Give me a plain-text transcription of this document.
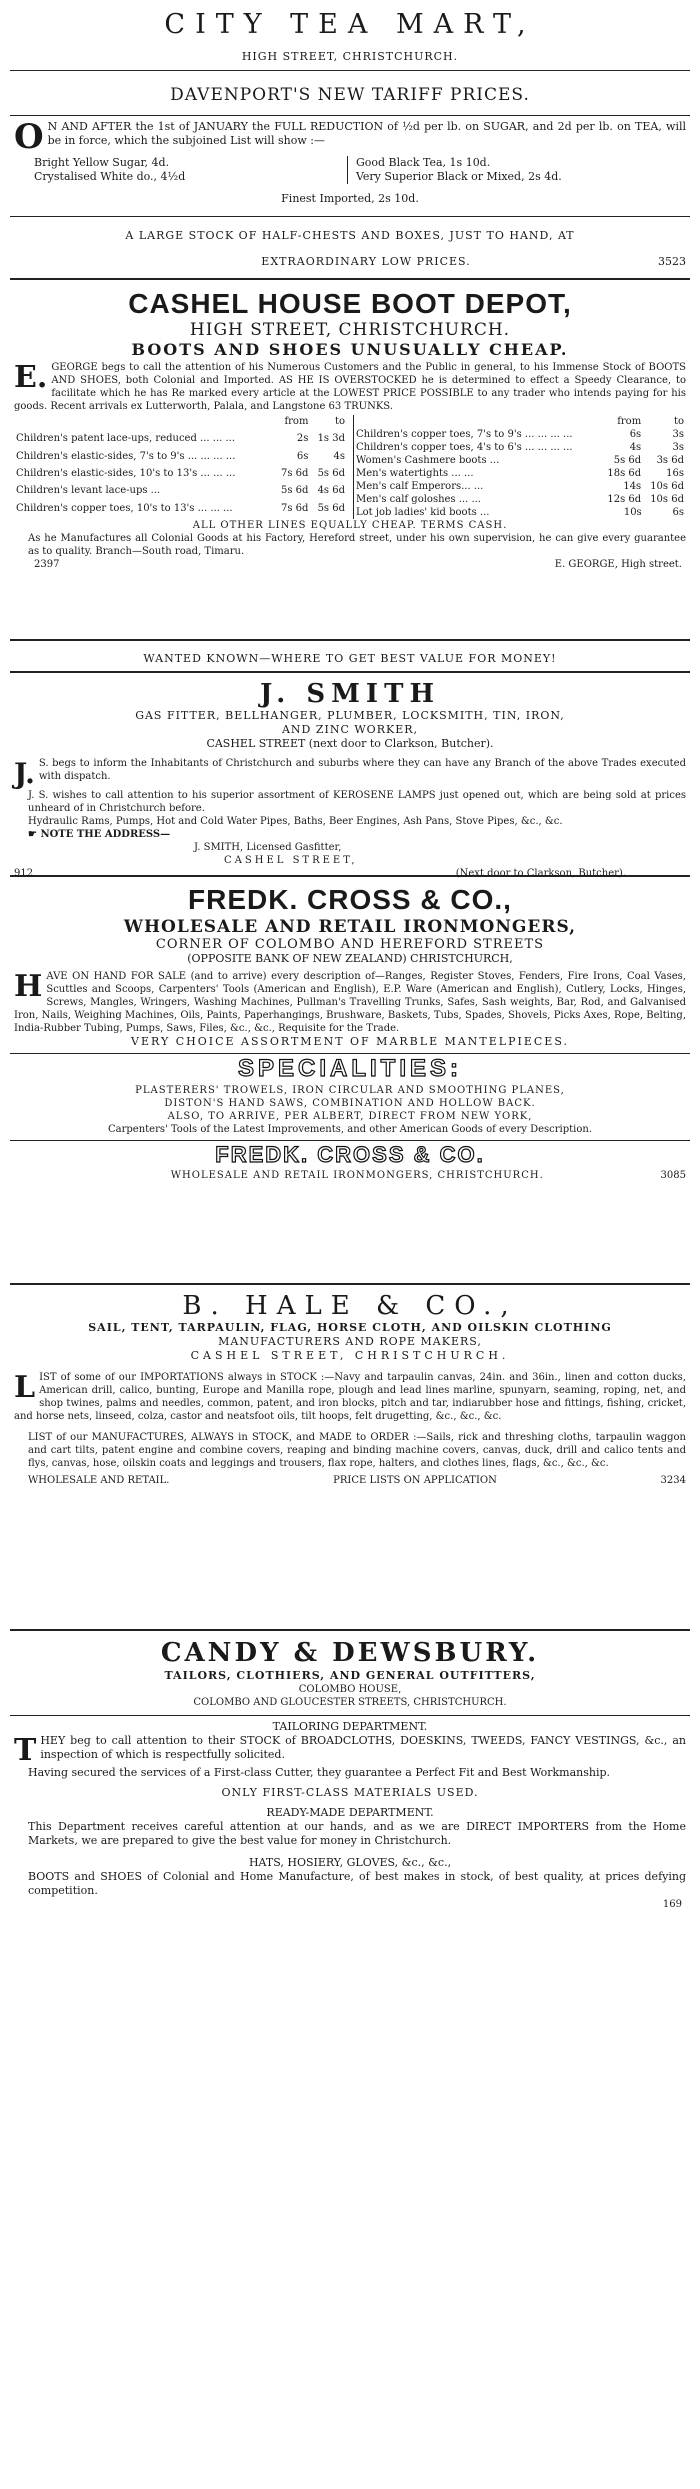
CITY TEA MART,
HIGH STREET, CHRISTCHURCH.
DAVENPORT'S NEW TARIFF PRICES.
O N AND AFTER the 1st of JANUARY the FULL REDUCTION of ½d per lb. on SUGAR, and 2d per lb. on TEA, will be in force, which the subjoined List will show :—
Bright Yellow Sugar, 4d.
Crystalised White do., 4½d
Good Black Tea, 1s 10d.
Very Superior Black or Mixed, 2s 4d.
Finest Imported, 2s 10d.
A LARGE STOCK OF HALF-CHESTS AND BOXES, JUST TO HAND, AT
EXTRAORDINARY LOW PRICES.	3523
CASHEL HOUSE BOOT DEPOT,
HIGH STREET, CHRISTCHURCH.
BOOTS AND SHOES UNUSUALLY CHEAP.
E. GEORGE begs to call the attention of his Numerous Customers and the Public in general, to his Immense Stock of BOOTS AND SHOES, both Colonial and Imported. AS HE IS OVERSTOCKED he is determined to effect a Speedy Clearance, to facilitate which he has Re marked every article at the LOWEST PRICE POSSIBLE to any trader who intends paying for his goods. Recent arrivals ex Lutterworth, Palala, and Langstone 63 TRUNKS.
	from	to
Children's patent lace-ups, reduced ... ... ...	2s	1s 3d
Children's elastic-sides, 7's to 9's ... ... ... ...	6s	4s
Children's elastic-sides, 10's to 13's ... ... ...	7s 6d	5s 6d
Children's levant lace-ups ...	5s 6d	4s 6d
Children's copper toes, 10's to 13's ... ... ...	7s 6d	5s 6d
	from	to
Children's copper toes, 7's to 9's ... ... ... ...	6s	3s
Children's copper toes, 4's to 6's ... ... ... ...	4s	3s
Women's Cashmere boots ...	5s 6d	3s 6d
Men's watertights ... ...	18s 6d	16s
Men's calf Emperors... ...	14s	10s 6d
Men's calf goloshes ... ...	12s 6d	10s 6d
Lot job ladies' kid boots ...	10s	6s
ALL OTHER LINES EQUALLY CHEAP. TERMS CASH.
As he Manufactures all Colonial Goods at his Factory, Hereford street, under his own supervision, he can give every guarantee as to quality. Branch—South road, Timaru.
2397	E. GEORGE, High street.
WANTED KNOWN—WHERE TO GET BEST VALUE FOR MONEY!
J. SMITH
GAS FITTER, BELLHANGER, PLUMBER, LOCKSMITH, TIN, IRON,
AND ZINC WORKER,
CASHEL STREET (next door to Clarkson, Butcher).
J. S. begs to inform the Inhabitants of Christchurch and suburbs where they can have any Branch of the above Trades executed with dispatch.
J. S. wishes to call attention to his superior assortment of KEROSENE LAMPS just opened out, which are being sold at prices unheard of in Christchurch before.
Hydraulic Rams, Pumps, Hot and Cold Water Pipes, Baths, Beer Engines, Ash Pans, Stove Pipes, &c., &c.
☛ NOTE THE ADDRESS—
J. SMITH, Licensed Gasfitter,
CASHEL STREET,
912	(Next door to Clarkson, Butcher).
FREDK. CROSS & CO.,
WHOLESALE AND RETAIL IRONMONGERS,
CORNER OF COLOMBO AND HEREFORD STREETS
(OPPOSITE BANK OF NEW ZEALAND) CHRISTCHURCH,
H AVE ON HAND FOR SALE (and to arrive) every description of—Ranges, Register Stoves, Fenders, Fire Irons, Coal Vases, Scuttles and Scoops, Carpenters' Tools (American and English), E.P. Ware (American and English), Cutlery, Locks, Hinges, Screws, Mangles, Wringers, Washing Machines, Pullman's Travelling Trunks, Safes, Sash weights, Bar, Rod, and Galvanised Iron, Nails, Weighing Machines, Oils, Paints, Paperhangings, Brushware, Baskets, Tubs, Spades, Shovels, Picks Axes, Rope, Belting, India-Rubber Tubing, Pumps, Saws, Files, &c., &c., Requisite for the Trade.
VERY CHOICE ASSORTMENT OF MARBLE MANTELPIECES.
SPECIALITIES:
PLASTERERS' TROWELS, IRON CIRCULAR AND SMOOTHING PLANES,
DISTON'S HAND SAWS, COMBINATION AND HOLLOW BACK.
ALSO, TO ARRIVE, PER ALBERT, DIRECT FROM NEW YORK,
Carpenters' Tools of the Latest Improvements, and other American Goods of every Description.
FREDK. CROSS & CO.
WHOLESALE AND RETAIL IRONMONGERS, CHRISTCHURCH.	3085
B. HALE & CO.,
SAIL, TENT, TARPAULIN, FLAG, HORSE CLOTH, AND OILSKIN CLOTHING
MANUFACTURERS AND ROPE MAKERS,
CASHEL STREET, CHRISTCHURCH.
L IST of some of our IMPORTATIONS always in STOCK :—Navy and tarpaulin canvas, 24in. and 36in., linen and cotton ducks, American drill, calico, bunting, Europe and Manilla rope, plough and lead lines marline, spunyarn, seaming, roping, net, and shop twines, palms and needles, common, patent, and iron blocks, pitch and tar, indiarubber hose and fittings, fishing, cricket, and horse nets, linseed, colza, castor and neatsfoot oils, tilt hoops, felt drugetting, &c., &c., &c.
LIST of our MANUFACTURES, ALWAYS in STOCK, and MADE to ORDER :—Sails, rick and threshing cloths, tarpaulin waggon and cart tilts, patent engine and combine covers, reaping and binding machine covers, canvas, duck, drill and calico tents and flys, canvas, hose, oilskin coats and leggings and trousers, flax rope, halters, and clothes lines, flags, &c., &c., &c.
WHOLESALE AND RETAIL.	PRICE LISTS ON APPLICATION	3234
CANDY & DEWSBURY.
TAILORS, CLOTHIERS, AND GENERAL OUTFITTERS,
COLOMBO HOUSE,
COLOMBO AND GLOUCESTER STREETS, CHRISTCHURCH.
TAILORING DEPARTMENT.
T HEY beg to call attention to their STOCK of BROADCLOTHS, DOESKINS, TWEEDS, FANCY VESTINGS, &c., an inspection of which is respectfully solicited.
Having secured the services of a First-class Cutter, they guarantee a Perfect Fit and Best Workmanship.
ONLY FIRST-CLASS MATERIALS USED.
READY-MADE DEPARTMENT.
This Department receives careful attention at our hands, and as we are DIRECT IMPORTERS from the Home Markets, we are prepared to give the best value for money in Christchurch.
HATS, HOSIERY, GLOVES, &c., &c.,
BOOTS and SHOES of Colonial and Home Manufacture, of best makes in stock, of best quality, at prices defying competition.
169
